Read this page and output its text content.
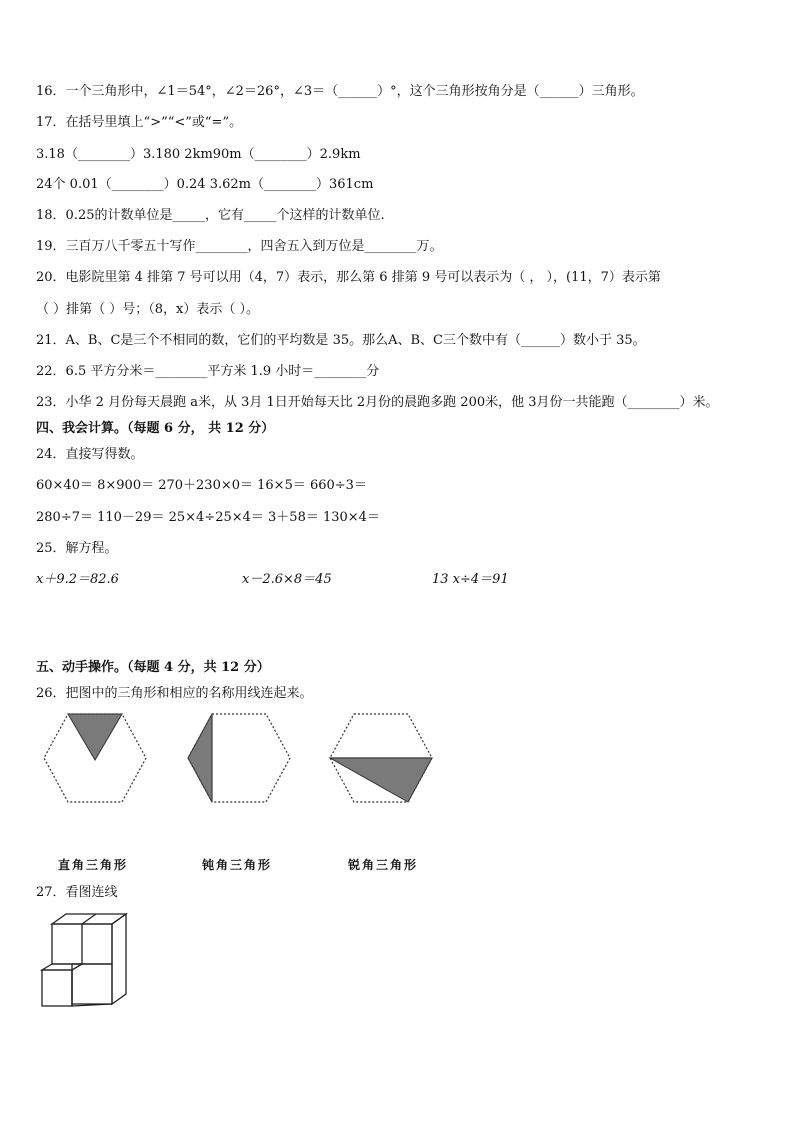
16．一个三角形中，∠1＝54°，∠2＝26°，∠3＝（______）°，这个三角形按角分是（______）三角形。
17．在括号里填上“>”“<”或“=”。
3.18（________）3.180 2km90m（________）2.9km
24个 0.01（________）0.24 3.62m（________）361cm
18．0.25的计数单位是_____，它有_____个这样的计数单位.
19．三百万八千零五十写作________，四舍五入到万位是________万。
20．电影院里第 4 排第 7 号可以用（4，7）表示，那么第 6 排第 9 号可以表示为（ ， ），(11，7）表示第
（ ）排第（ ）号；（8，x）表示（ ）。
21．A、B、C是三个不相同的数，它们的平均数是 35。那么A、B、C三个数中有（______）数小于 35。
22．6.5 平方分米＝________平方米 1.9 小时＝________分
23．小华 2 月份每天晨跑 a米，从 3月 1日开始每天比 2月份的晨跑多跑 200米，他 3月份一共能跑（________）米。
四、我会计算。（每题 6 分， 共 12 分）
24．直接写得数。
60×40＝ 8×900＝ 270＋230×0＝ 16×5＝ 660÷3＝
280÷7＝ 110－29＝ 25×4÷25×4＝ 3＋58＝ 130×4＝
25．解方程。
x＋9.2＝82.6	x－2.6×8＝45	13 x÷4＝91
五、动手操作。（每题 4 分，共 12 分）
26．把图中的三角形和相应的名称用线连起来。
直角三角形	钝角三角形	锐角三角形
27．看图连线
